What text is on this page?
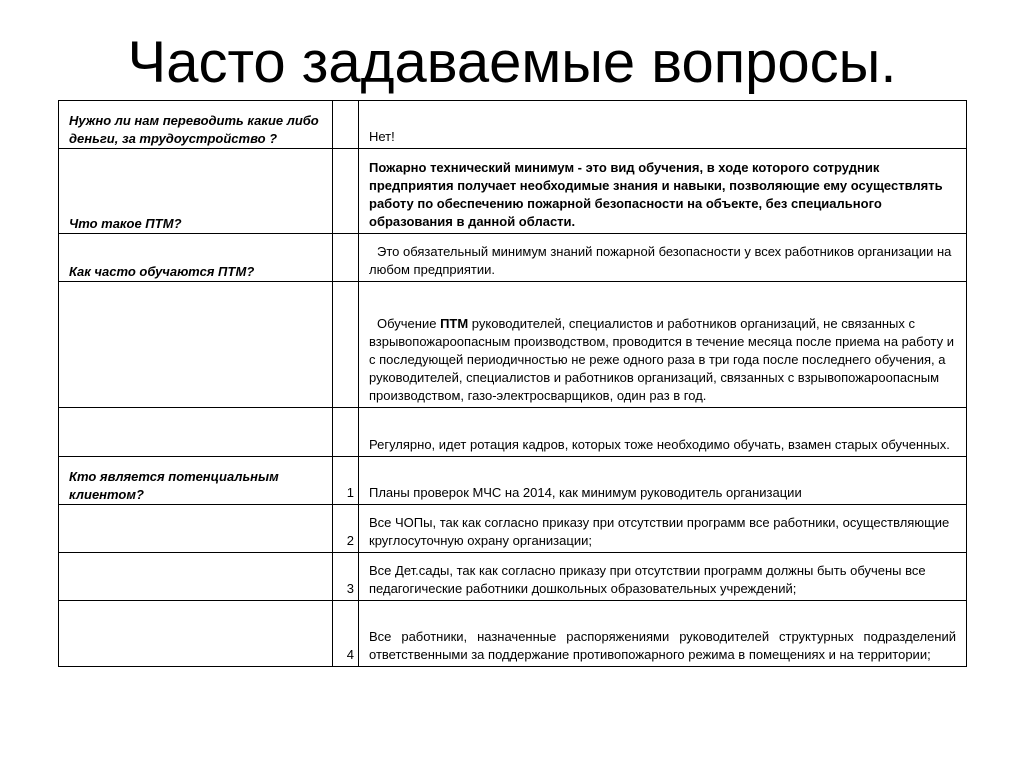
Часто задаваемые вопросы.
Нужно ли нам переводить какие либо деньги, за трудоустройство ?		Нет!
Что такое ПТМ?		Пожарно технический минимум - это вид обучения, в ходе которого сотрудник предприятия получает необходимые знания и навыки, позволяющие ему осуществлять работу по обеспечению пожарной безопасности на объекте, без специального образования в данной области.
Как часто обучаются ПТМ?		Это обязательный минимум знаний пожарной безопасности у всех работников организации на любом предприятии.
		Обучение ПТМ руководителей, специалистов и работников организаций, не связанных с взрывопожароопасным производством, проводится в течение месяца после приема на работу и с последующей периодичностью не реже одного раза в три года после последнего обучения, а руководителей, специалистов и работников организаций, связанных с взрывопожароопасным производством, газо-электросварщиков, один раз в год.
		Регулярно, идет ротация кадров, которых тоже необходимо обучать, взамен старых обученных.
Кто является потенциальным клиентом?	1	Планы проверок МЧС на 2014, как минимум руководитель организации
	2	Все ЧОПы, так как согласно приказу при отсутствии программ все работники, осуществляющие круглосуточную охрану организации;
	3	Все Дет.сады, так как согласно приказу при отсутствии программ должны быть обучены все педагогические работники дошкольных образовательных учреждений;
	4	Все работники, назначенные распоряжениями руководителей структурных подразделений ответственными за поддержание противопожарного режима в помещениях и на территории;
